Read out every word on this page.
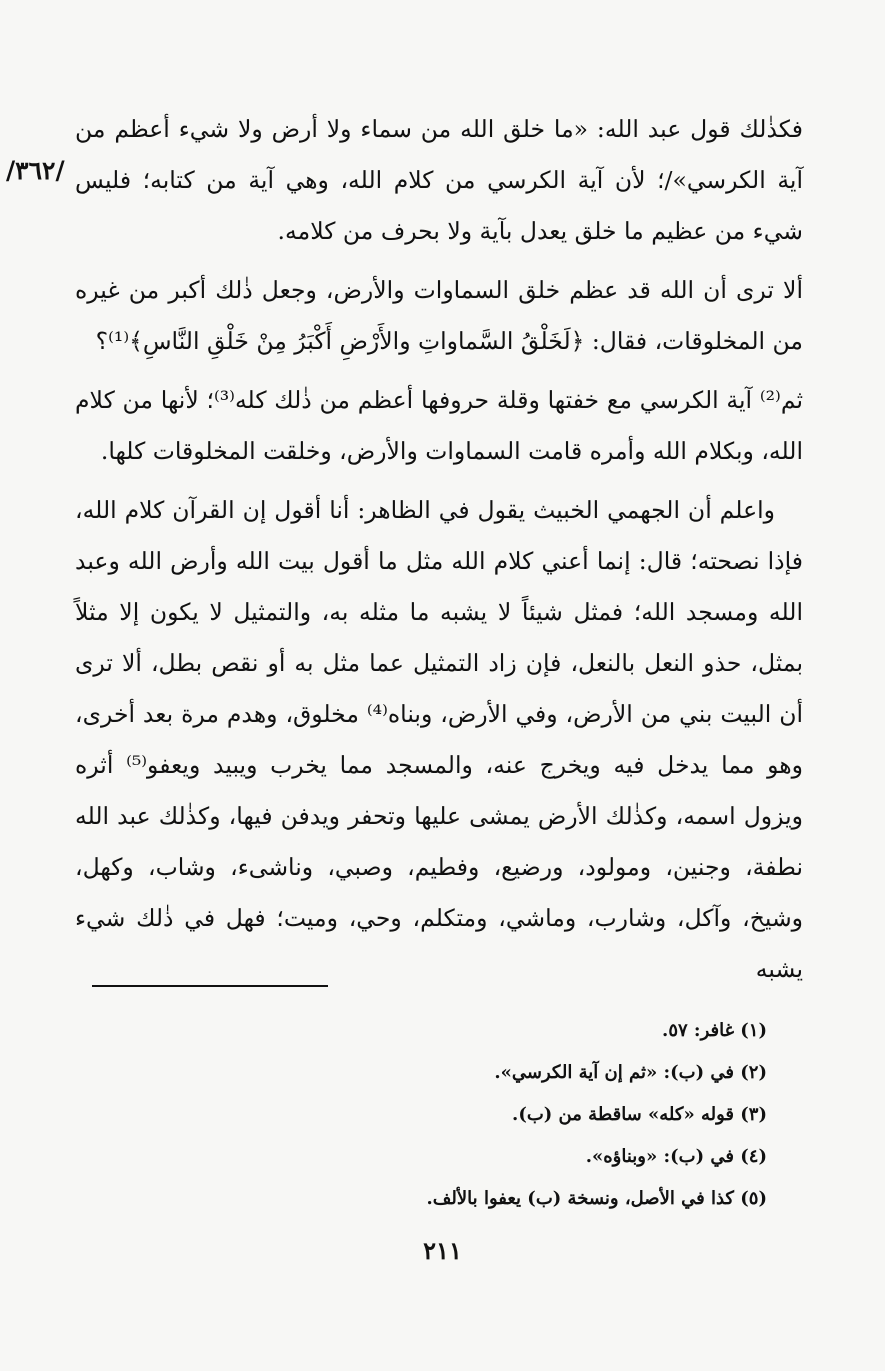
/٣٦٢/

فكذٰلك قول عبد الله: «ما خلق الله من سماء ولا أرض ولا شيء أعظم من آية الكرسي»/؛ لأن آية الكرسي من كلام الله، وهي آية من كتابه؛ فليس شيء من عظيم ما خلق يعدل بآية ولا بحرف من كلامه.

ألا ترى أن الله قد عظم خلق السماوات والأرض، وجعل ذٰلك أكبر من غيره من المخلوقات، فقال: ﴿لَخَلْقُ السَّماواتِ والأَرْضِ أَكْبَرُ مِنْ خَلْقِ النَّاسِ﴾⁽¹⁾؟

ثم⁽²⁾ آية الكرسي مع خفتها وقلة حروفها أعظم من ذٰلك كله⁽³⁾؛ لأنها من كلام الله، وبكلام الله وأمره قامت السماوات والأرض، وخلقت المخلوقات كلها.

واعلم أن الجهمي الخبيث يقول في الظاهر: أنا أقول إن القرآن كلام الله، فإذا نصحته؛ قال: إنما أعني كلام الله مثل ما أقول بيت الله وأرض الله وعبد الله ومسجد الله؛ فمثل شيئاً لا يشبه ما مثله به، والتمثيل لا يكون إلا مثلاً بمثل، حذو النعل بالنعل، فإن زاد التمثيل عما مثل به أو نقص بطل، ألا ترى أن البيت بني من الأرض، وفي الأرض، وبناه⁽⁴⁾ مخلوق، وهدم مرة بعد أخرى، وهو مما يدخل فيه ويخرج عنه، والمسجد مما يخرب ويبيد ويعفو⁽⁵⁾ أثره ويزول اسمه، وكذٰلك الأرض يمشى عليها وتحفر ويدفن فيها، وكذٰلك عبد الله نطفة، وجنين، ومولود، ورضيع، وفطيم، وصبي، وناشىء، وشاب، وكهل، وشيخ، وآكل، وشارب، وماشي، ومتكلم، وحي، وميت؛ فهل في ذٰلك شيء يشبه

(١) غافر: ٥٧.
(٢) في (ب): «ثم إن آية الكرسي».
(٣) قوله «كله» ساقطة من (ب).
(٤) في (ب): «وبناؤه».
(٥) كذا في الأصل، ونسخة (ب) يعفوا بالألف.
٢١١
